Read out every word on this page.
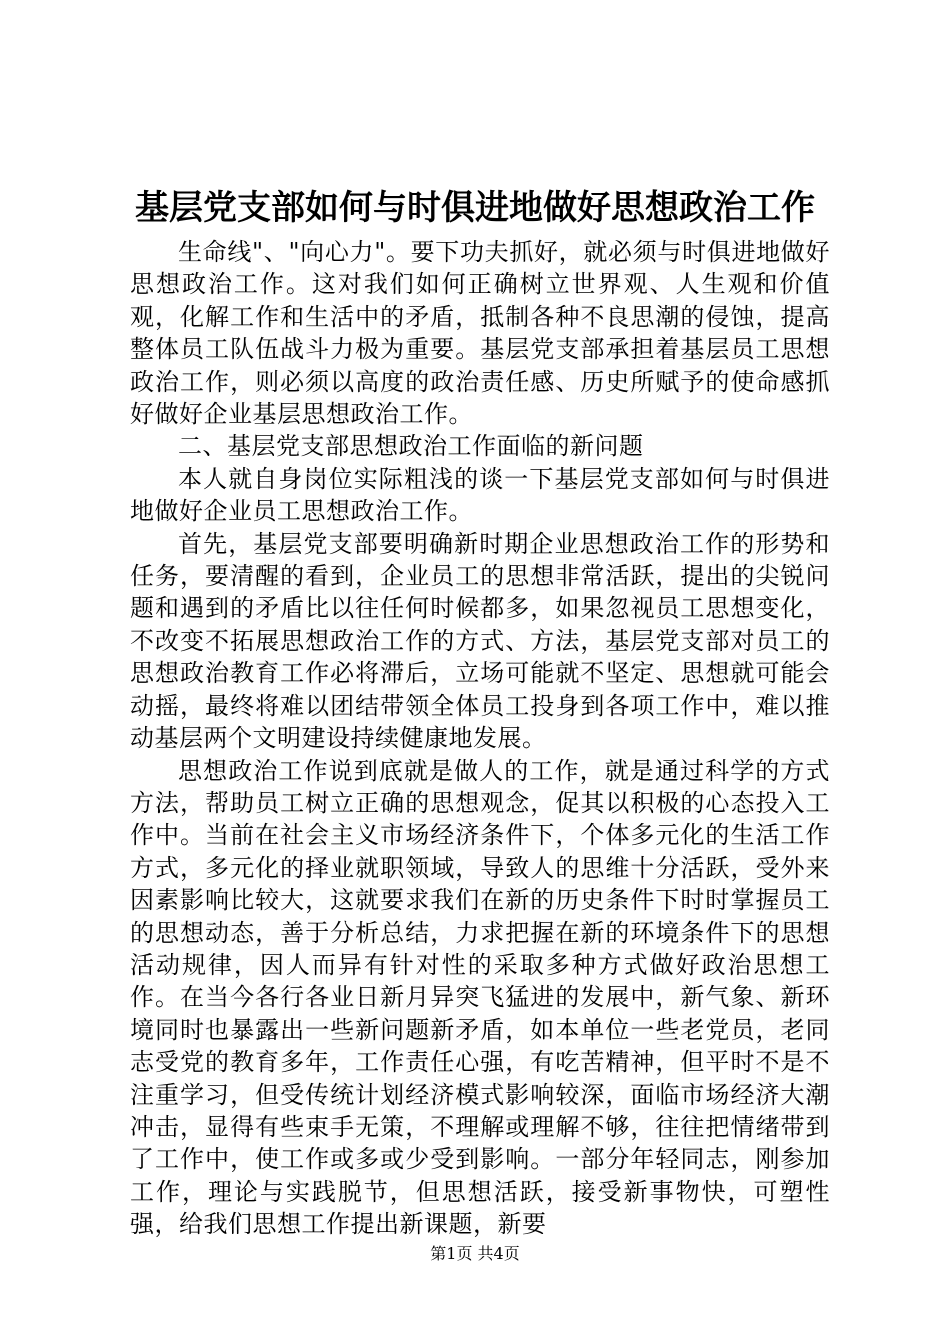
基层党支部如何与时俱进地做好思想政治工作

生命线"、"向心力"。要下功夫抓好，就必须与时俱进地做好思想政治工作。这对我们如何正确树立世界观、人生观和价值观，化解工作和生活中的矛盾，抵制各种不良思潮的侵蚀，提高整体员工队伍战斗力极为重要。基层党支部承担着基层员工思想政治工作，则必须以高度的政治责任感、历史所赋予的使命感抓好做好企业基层思想政治工作。

二、基层党支部思想政治工作面临的新问题

本人就自身岗位实际粗浅的谈一下基层党支部如何与时俱进地做好企业员工思想政治工作。

首先，基层党支部要明确新时期企业思想政治工作的形势和任务，要清醒的看到，企业员工的思想非常活跃，提出的尖锐问题和遇到的矛盾比以往任何时候都多，如果忽视员工思想变化，不改变不拓展思想政治工作的方式、方法，基层党支部对员工的思想政治教育工作必将滞后，立场可能就不坚定、思想就可能会动摇，最终将难以团结带领全体员工投身到各项工作中，难以推动基层两个文明建设持续健康地发展。

思想政治工作说到底就是做人的工作，就是通过科学的方式方法，帮助员工树立正确的思想观念，促其以积极的心态投入工作中。当前在社会主义市场经济条件下，个体多元化的生活工作方式，多元化的择业就职领域，导致人的思维十分活跃，受外来因素影响比较大，这就要求我们在新的历史条件下时时掌握员工的思想动态，善于分析总结，力求把握在新的环境条件下的思想活动规律，因人而异有针对性的采取多种方式做好政治思想工作。在当今各行各业日新月异突飞猛进的发展中，新气象、新环境同时也暴露出一些新问题新矛盾，如本单位一些老党员，老同志受党的教育多年，工作责任心强，有吃苦精神，但平时不是不注重学习，但受传统计划经济模式影响较深，面临市场经济大潮冲击，显得有些束手无策，不理解或理解不够，往往把情绪带到了工作中，使工作或多或少受到影响。一部分年轻同志，刚参加工作，理论与实践脱节，但思想活跃，接受新事物快，可塑性强，给我们思想工作提出新课题，新要

第1页 共4页
